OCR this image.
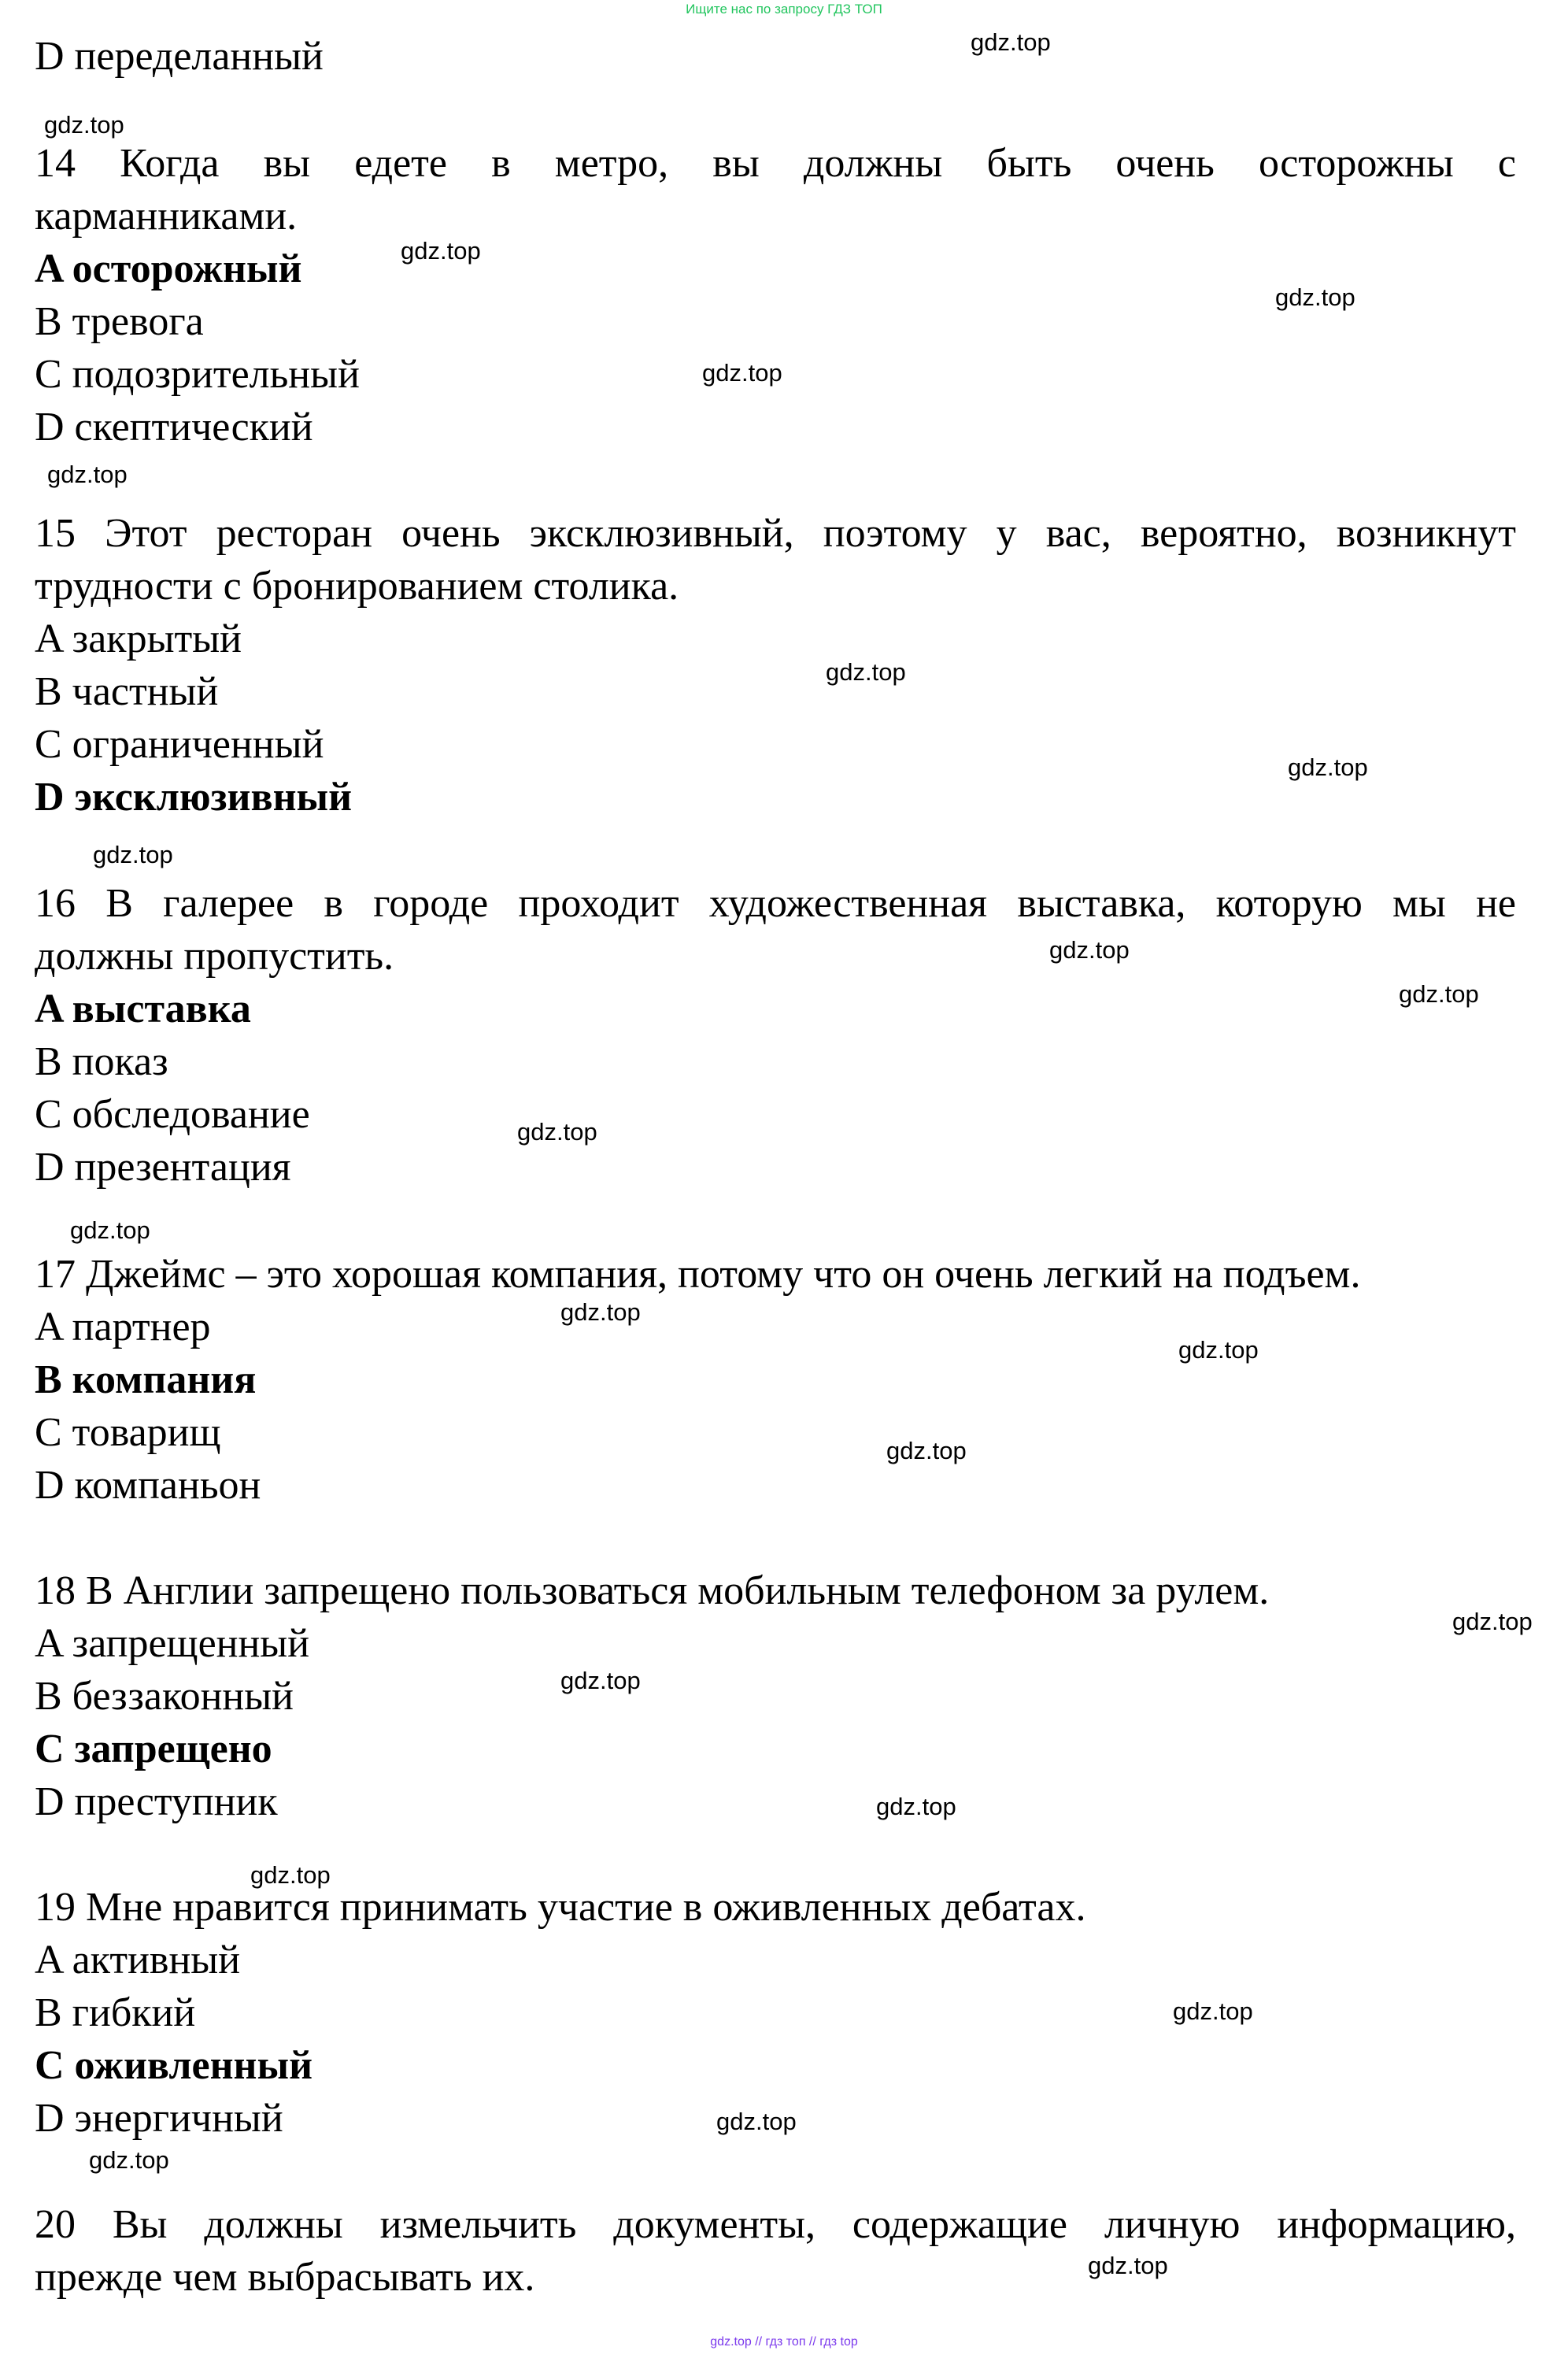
Ищите нас по запросу ГДЗ ТОП
D переделанный
14 Когда вы едете в метро, вы должны быть очень осторожны с
карманниками.
A осторожный
B тревога
C подозрительный
D скептический
15 Этот ресторан очень эксклюзивный, поэтому у вас, вероятно, возникнут
трудности с бронированием столика.
A закрытый
B частный
C ограниченный
D эксклюзивный
16 В галерее в городе проходит художественная выставка, которую мы не
должны пропустить.
A выставка
B показ
C обследование
D презентация
17 Джеймс – это хорошая компания, потому что он очень легкий на подъем.
A партнер
B компания
C товарищ
D компаньон
18 В Англии запрещено пользоваться мобильным телефоном за рулем.
A запрещенный
B беззаконный
C запрещено
D преступник
19 Мне нравится принимать участие в оживленных дебатах.
A активный
B гибкий
C оживленный
D энергичный
20 Вы должны измельчить документы, содержащие личную информацию,
прежде чем выбрасывать их.
gdz.top
gdz.top
gdz.top
gdz.top
gdz.top
gdz.top
gdz.top
gdz.top
gdz.top
gdz.top
gdz.top
gdz.top
gdz.top
gdz.top
gdz.top
gdz.top
gdz.top
gdz.top
gdz.top
gdz.top
gdz.top
gdz.top
gdz.top
gdz.top
gdz.top // гдз топ // гдз top
